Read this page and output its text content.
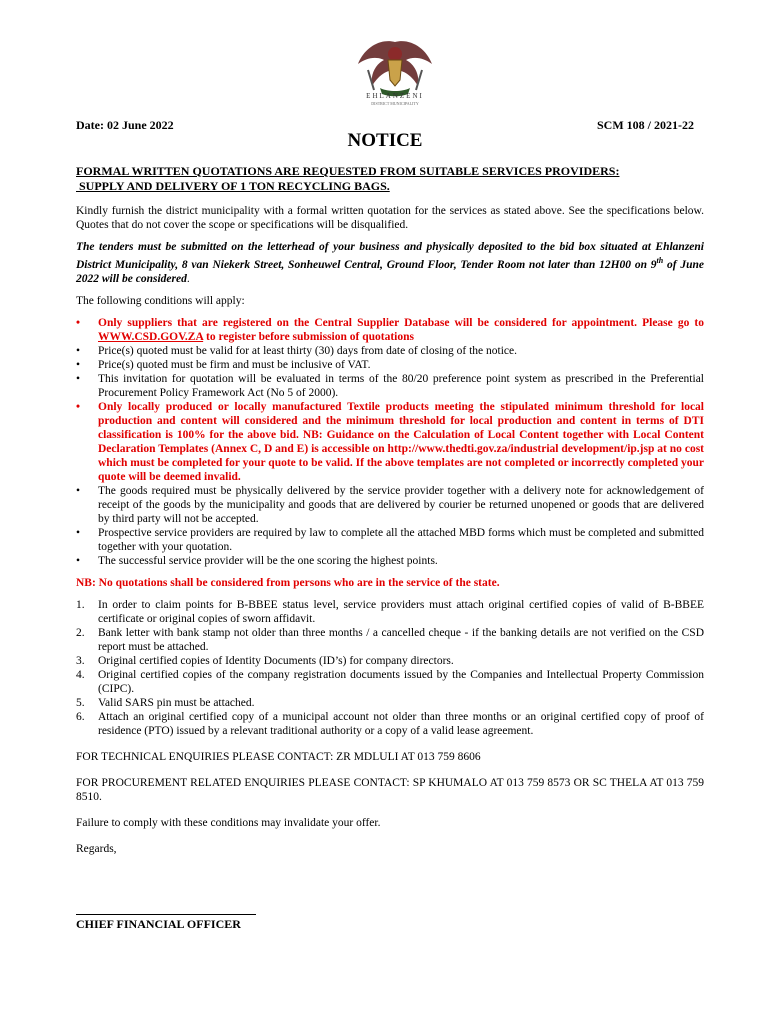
EHLANZENI
DISTRICT MUNICIPALITY
Date: 02 June 2022	SCM 108 / 2021-22
NOTICE
FORMAL WRITTEN QUOTATIONS ARE REQUESTED FROM SUITABLE SERVICES PROVIDERS:
SUPPLY AND DELIVERY OF 1 TON RECYCLING BAGS.

Kindly furnish the district municipality with a formal written quotation for the services as stated above. See the specifications below. Quotes that do not cover the scope or specifications will be disqualified.

The tenders must be submitted on the letterhead of your business and physically deposited to the bid box situated at Ehlanzeni District Municipality, 8 van Niekerk Street, Sonheuwel Central, Ground Floor, Tender Room not later than 12H00 on 9th of June 2022 will be considered.

The following conditions will apply:

• Only suppliers that are registered on the Central Supplier Database will be considered for appointment. Please go to WWW.CSD.GOV.ZA to register before submission of quotations
• Price(s) quoted must be valid for at least thirty (30) days from date of closing of the notice.
• Price(s) quoted must be firm and must be inclusive of VAT.
• This invitation for quotation will be evaluated in terms of the 80/20 preference point system as prescribed in the Preferential Procurement Policy Framework Act (No 5 of 2000).
• Only locally produced or locally manufactured Textile products meeting the stipulated minimum threshold for local production and content will considered and the minimum threshold for local production and content in terms of DTI classification is 100% for the above bid. NB: Guidance on the Calculation of Local Content together with Local Content Declaration Templates (Annex C, D and E) is accessible on http://www.thedti.gov.za/industrial development/ip.jsp at no cost which must be completed for your quote to be valid. If the above templates are not completed or incorrectly completed your quote will be deemed invalid.
• The goods required must be physically delivered by the service provider together with a delivery note for acknowledgement of receipt of the goods by the municipality and goods that are delivered by courier be returned unopened or goods that are delivered by third party will not be accepted.
• Prospective service providers are required by law to complete all the attached MBD forms which must be completed and submitted together with your quotation.
• The successful service provider will be the one scoring the highest points.
NB: No quotations shall be considered from persons who are in the service of the state.
1. In order to claim points for B-BBEE status level, service providers must attach original certified copies of valid of B-BBEE certificate or original copies of sworn affidavit.
2. Bank letter with bank stamp not older than three months / a cancelled cheque - if the banking details are not verified on the CSD report must be attached.
3. Original certified copies of Identity Documents (ID’s) for company directors.
4. Original certified copies of the company registration documents issued by the Companies and Intellectual Property Commission (CIPC).
5. Valid SARS pin must be attached.
6. Attach an original certified copy of a municipal account not older than three months or an original certified copy of proof of residence (PTO) issued by a relevant traditional authority or a copy of a valid lease agreement.

FOR TECHNICAL ENQUIRIES PLEASE CONTACT: ZR MDLULI AT 013 759 8606

FOR PROCUREMENT RELATED ENQUIRIES PLEASE CONTACT: SP KHUMALO AT 013 759 8573 OR SC THELA AT 013 759 8510.

Failure to comply with these conditions may invalidate your offer.

Regards,

CHIEF FINANCIAL OFFICER
